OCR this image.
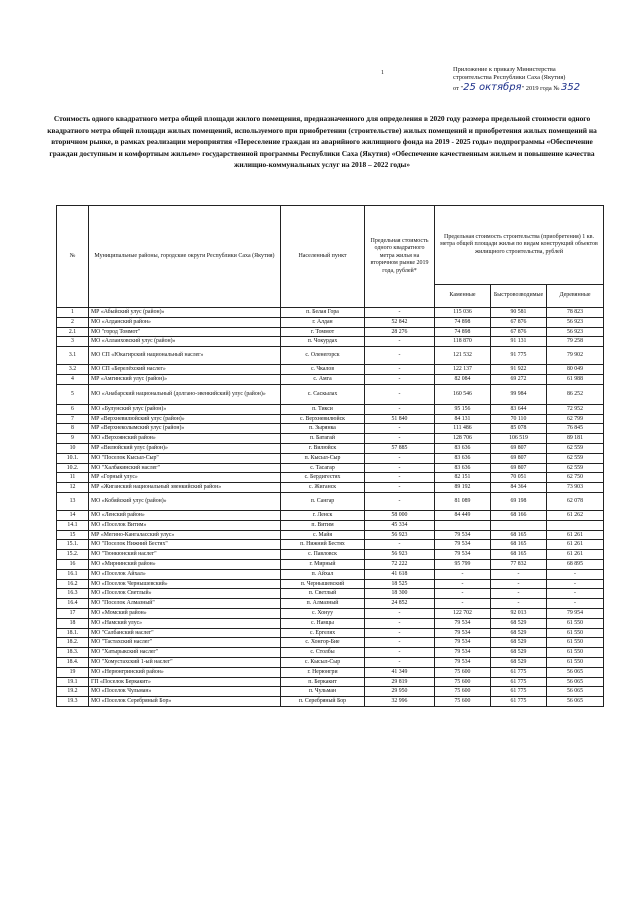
1	Приложение к приказу Министерства
строительства Республики Саха (Якутия)
от "25 октября" 2019 года № 352
Стоимость одного квадратного метра общей площади жилого помещения, предназначенного для определения в 2020 году размера предельной стоимости одного квадратного метра общей площади жилых помещений, используемого при приобретении (строительстве) жилых помещений и приобретения жилых помещений на вторичном рынке, в рамках реализации мероприятия «Переселение граждан из аварийного жилищного фонда на 2019 - 2025 годы» подпрограммы «Обеспечение граждан доступным и комфортным жильем» государственной программы Республики Саха (Якутия) «Обеспечение качественным жильем и повышение качества жилищно-коммунальных услуг на 2018 – 2022 годы»
№	Муниципальные районы, городские округи Республики Саха (Якутия)	Населенный пункт	Предельная стоимость одного квадратного метра жилья на вторичном рынке 2019 года, рублей*	Предельная стоимость строительства (приобретения) 1 кв. метра общей площади жилья по видам конструкций объектов жилищного строительства, рублей		
				Каменные	Быстровозводимые	Деревянные
1	МР «Абыйский улус (район)»	п. Белая Гора	-	115 036	90 581	78 823
2	МО «Алданский район»	г. Алдан	52 842	74 898	67 876	56 923
2.1	МО "город Томмот"	г. Томмот	28 276	74 898	67 876	56 923
3	МО «Аллаиховский улус (район)»	п. Чокурдах	-	118 870	91 131	79 258
3.1	МО СП «Юкагирский национальный наслег»	с. Оленегорск	-	121 532	91 775	79 902
3.2	МО СП «Берелёхский наслег»	с. Чкалов	-	122 137	91 922	80 049
4	МР «Амгинский улус (район)»	с. Амга	-	82 084	69 272	61 988
5	МО «Анабарский национальный (долгано-эвенкийский) улус (район)»	с. Саскылах	-	160 546	99 984	86 252
6	МО «Булунский улус (район)»	п. Тикси	-	95 156	83 644	72 952
7	МР «Верхневилюйский улус (район)»	с. Верхневилюйск	51 840	84 131	70 110	62 799
8	МР «Верхнеколымский улус (район)»	п. Зырянка	-	111 486	85 078	76 845
9	МО «Верхоянский район»	п. Батагай	-	128 706	106 519	89 181
10	МР «Вилюйский улус (район)»	г. Вилюйск	57 885	83 636	69 807	62 559
10.1.	МО "Поселок Кысыл-Сыр"	п. Кысыл-Сыр	-	83 636	69 807	62 559
10.2.	МО "Халбакинский наслег"	с. Тасагар	-	83 636	69 807	62 559
11	МР «Горный улус»	с. Бердигестях	-	82 151	70 051	62 750
12	МР «Жиганский национальный эвенкийский район»	с. Жиганск	-	89 192	84 364	73 903
13	МО «Кобяйский улус (район)»	п. Сангар	-	81 089	69 198	62 078
14	МО «Ленский район»	г. Ленск	58 000	84 449	68 166	61 262
14.1	МО «Поселок Витим»	п. Витим	45 334			
15	МР «Мегино-Кангаласский улус»	с. Майя	56 923	79 534	68 165	61 261
15.1.	МО "Поселок Нижний Бестях"	п. Нижний Бестях	-	79 534	68 165	61 261
15.2.	МО "Тюнкюнский наслег"	с. Павловск	56 923	79 534	68 165	61 261
16	МО «Мирнинский район»	г. Мирный	72 222	95 799	77 832	68 895
16.1	МО «Поселок Айхал»	п. Айхал	41 618	-	-	-
16.2	МО «Поселок Чернышевский»	п. Чернышевский	18 525	-	-	-
16.3	МО «Поселок Светлый»	п. Светлый	18 300	-	-	-
16.4	МО "Поселок Алмазный"	п. Алмазный	24 852	-	-	-
17	МО «Момский район»	с. Хонуу	-	122 702	92 013	79 954
18	МО «Намский улус»	с. Намцы	-	79 534	68 529	61 550
18.1.	МО "Салбанский наслег"	с. Ергелях	-	79 534	68 529	61 550
18.2.	МО "Тастахский наслег"	с. Хонгор-Бие	-	79 534	68 529	61 550
18.3.	МО "Хатырыкский наслег"	с. Столбы	-	79 534	68 529	61 550
18.4.	МО "Хомустахский 1-ый наслег"	с. Кысыл-Сыр	-	79 534	68 529	61 550
19	МО «Нерюнгринский район»	г. Нерюнгри	41 349	75 600	61 775	56 065
19.1	ГП «Поселок Беркакит»	п. Беркакит	29 819	75 600	61 775	56 065
19.2	МО «Поселок Чульман»	п. Чульман	29 950	75 600	61 775	56 065
19.3	МО «Поселок Серебряный Бор»	п. Серебряный Бор	32 996	75 600	61 775	56 065
